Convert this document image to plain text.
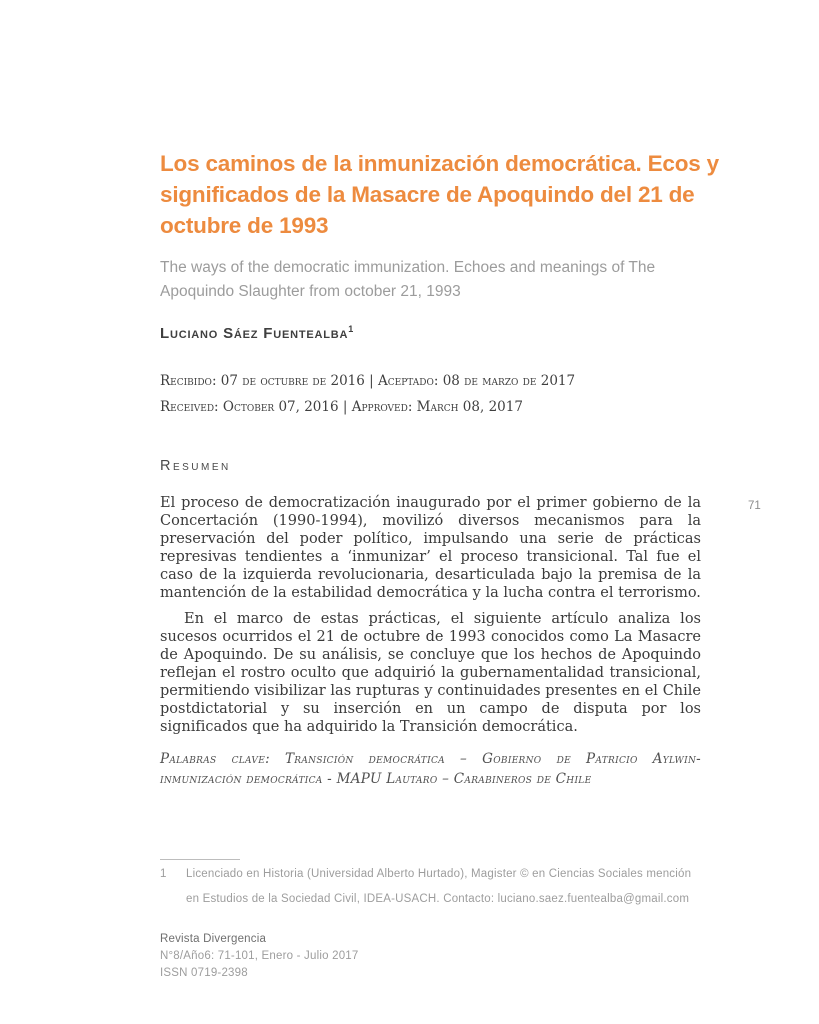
Los caminos de la inmunización democrática. Ecos y significados de la Masacre de Apoquindo del 21 de octubre de 1993
The ways of the democratic immunization. Echoes and meanings of The Apoquindo Slaughter from october 21, 1993
Luciano Sáez Fuentealba$^1$
Recibido: 07 de octubre de 2016 | Aceptado: 08 de marzo de 2017
Received: October 07, 2016 | Approved: March 08, 2017
Resumen

El proceso de democratización inaugurado por el primer gobierno de la Concertación (1990-1994), movilizó diversos mecanismos para la preservación del poder político, impulsando una serie de prácticas represivas tendientes a ‘inmunizar’ el proceso transicional. Tal fue el caso de la izquierda revolucionaria, desarticulada bajo la premisa de la mantención de la estabilidad democrática y la lucha contra el terrorismo.

En el marco de estas prácticas, el siguiente artículo analiza los sucesos ocurridos el 21 de octubre de 1993 conocidos como La Masacre de Apoquindo. De su análisis, se concluye que los hechos de Apoquindo reflejan el rostro oculto que adquirió la gubernamentalidad transicional, permitiendo visibilizar las rupturas y continuidades presentes en el Chile postdictatorial y su inserción en un campo de disputa por los significados que ha adquirido la Transición democrática.

Palabras clave: Transición democrática – Gobierno de Patricio Aylwin- inmunización democrática - MAPU Lautaro – Carabineros de Chile
1	Licenciado en Historia (Universidad Alberto Hurtado), Magister © en Ciencias Sociales mención en Estudios de la Sociedad Civil, IDEA-USACH. Contacto: luciano.saez.fuentealba@gmail.com
Revista Divergencia
N°8/Año6: 71-101, Enero - Julio 2017
ISSN 0719-2398
71
